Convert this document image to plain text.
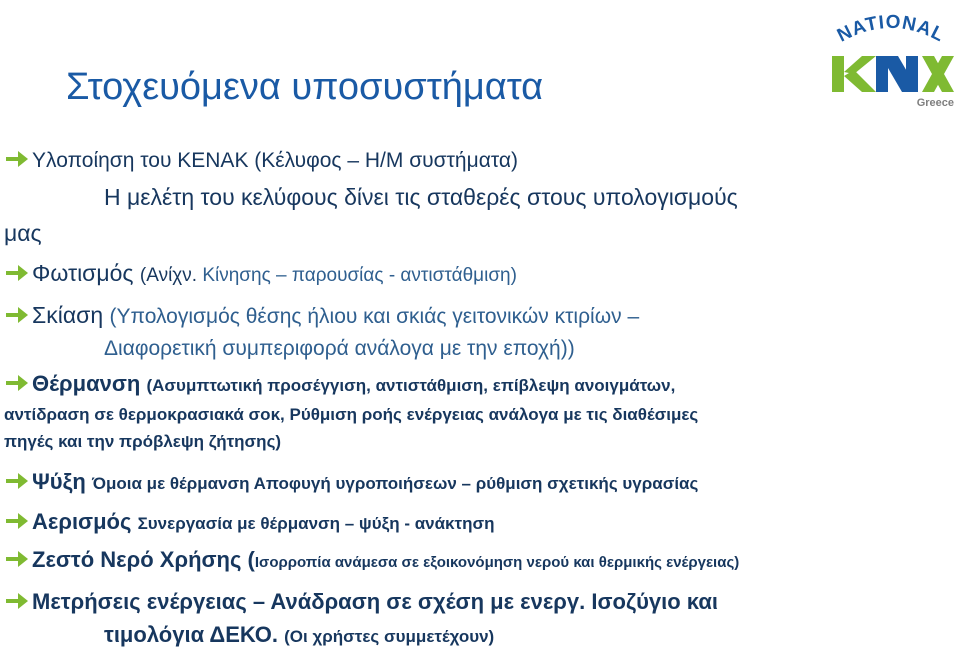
Στοχευόμενα υποσυστήματα
NATIONAL
Greece
Υλοποίηση του ΚΕΝΑΚ (Κέλυφος – Η/Μ συστήματα)
Η μελέτη του κελύφους δίνει τις σταθερές στους υπολογισμούς
μας
Φωτισμός (Ανίχν. Κίνησης – παρουσίας - αντιστάθμιση)
Σκίαση (Υπολογισμός θέσης ήλιου και σκιάς γειτονικών κτιρίων –
Διαφορετική συμπεριφορά ανάλογα με την εποχή))
Θέρμανση (Ασυμπτωτική προσέγγιση, αντιστάθμιση, επίβλεψη ανοιγμάτων,
αντίδραση σε θερμοκρασιακά σοκ, Ρύθμιση ροής ενέργειας ανάλογα με τις διαθέσιμες
πηγές και την πρόβλεψη ζήτησης)
Ψύξη Όμοια με θέρμανση Αποφυγή υγροποιήσεων – ρύθμιση σχετικής υγρασίας
Αερισμός Συνεργασία με θέρμανση – ψύξη - ανάκτηση
Ζεστό Νερό Χρήσης (Ισορροπία ανάμεσα σε εξοικονόμηση νερού και θερμικής ενέργειας)
Μετρήσεις ενέργειας – Ανάδραση σε σχέση με ενεργ. Ισοζύγιο και
τιμολόγια ΔΕΚΟ. (Οι χρήστες συμμετέχουν)
